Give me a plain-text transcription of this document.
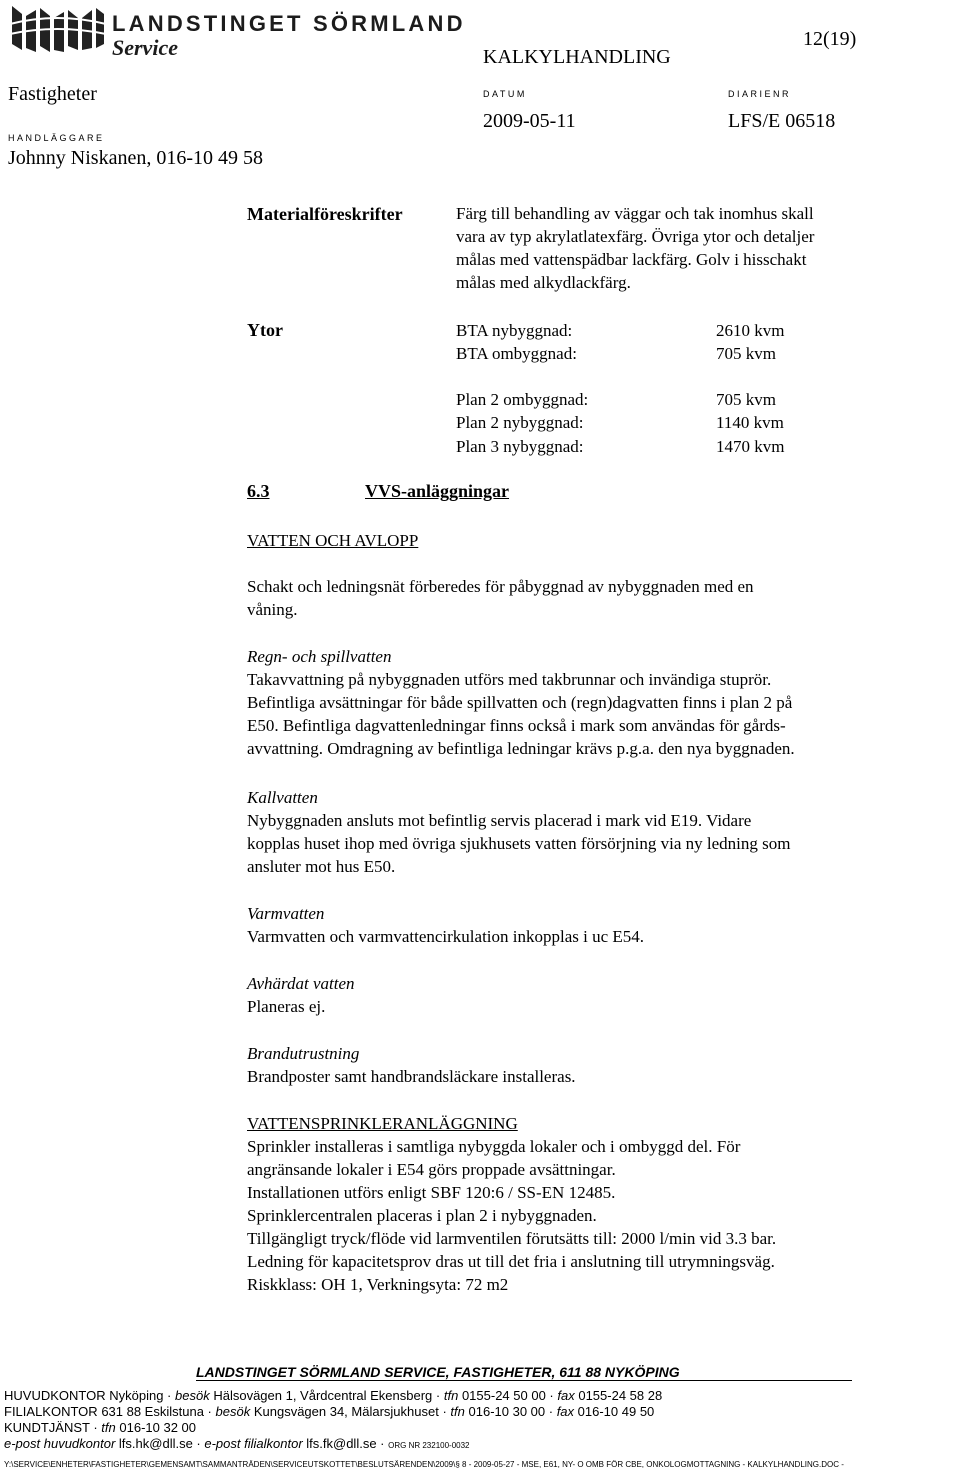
LANDSTINGET SÖRMLAND
Service	12(19)
KALKYLHANDLING
Fastigheter	DATUM	DIARIENR
2009-05-11	LFS/E 06518
HANDLÄGGARE
Johnny Niskanen, 016-10 49 58
Materialföreskrifter	Färg till behandling av väggar och tak inomhus skall
vara av typ akrylatlatexfärg. Övriga ytor och detaljer
målas med vattenspädbar lackfärg. Golv i hisschakt
målas med alkydlackfärg.
Ytor	BTA nybyggnad:	2610 kvm
BTA ombyggnad:	705 kvm
Plan 2 ombyggnad:	705 kvm
Plan 2 nybyggnad:	1140 kvm
Plan 3 nybyggnad:	1470 kvm
6.3	VVS-anläggningar
VATTEN OCH AVLOPP
Schakt och ledningsnät förberedes för påbyggnad av nybyggnaden med en
våning.
Regn- och spillvatten
Takavvattning på nybyggnaden utförs med takbrunnar och invändiga stuprör.
Befintliga avsättningar för både spillvatten och (regn)dagvatten finns i plan 2 på
E50. Befintliga dagvattenledningar finns också i mark som användas för gårds-
avvattning. Omdragning av befintliga ledningar krävs p.g.a. den nya byggnaden.
Kallvatten
Nybyggnaden ansluts mot befintlig servis placerad i mark vid E19. Vidare
kopplas huset ihop med övriga sjukhusets vatten försörjning via ny ledning som
ansluter mot hus E50.
Varmvatten
Varmvatten och varmvattencirkulation inkopplas i uc E54.
Avhärdat vatten
Planeras ej.
Brandutrustning
Brandposter samt handbrandsläckare installeras.
VATTENSPRINKLERANLÄGGNING
Sprinkler installeras i samtliga nybyggda lokaler och i ombyggd del. För
angränsande lokaler i E54 görs proppade avsättningar.
Installationen utförs enligt SBF 120:6 / SS-EN 12485.
Sprinklercentralen placeras i plan 2 i nybyggnaden.
Tillgängligt tryck/flöde vid larmventilen förutsätts till: 2000 l/min vid 3.3 bar.
Ledning för kapacitetsprov dras ut till det fria i anslutning till utrymningsväg.
Riskklass: OH 1, Verkningsyta: 72 m2
LANDSTINGET SÖRMLAND SERVICE, FASTIGHETER, 611 88 NYKÖPING
HUVUDKONTOR Nyköping · besök Hälsovägen 1, Vårdcentral Ekensberg · tfn 0155-24 50 00 · fax 0155-24 58 28
FILIALKONTOR 631 88 Eskilstuna · besök Kungsvägen 34, Mälarsjukhuset · tfn 016-10 30 00 · fax 016-10 49 50
KUNDTJÄNST · tfn 016-10 32 00
e-post huvudkontor lfs.hk@dll.se · e-post filialkontor lfs.fk@dll.se · ORG NR 232100-0032
Y:\SERVICE\ENHETER\FASTIGHETER\GEMENSAMT\SAMMANTRÄDEN\SERVICEUTSKOTTET\BESLUTSÄRENDEN\2009\§ 8 - 2009-05-27 - MSE, E61, NY- O OMB FÖR CBE, ONKOLOGMOTTAGNING - KALKYLHANDLING.DOC -
